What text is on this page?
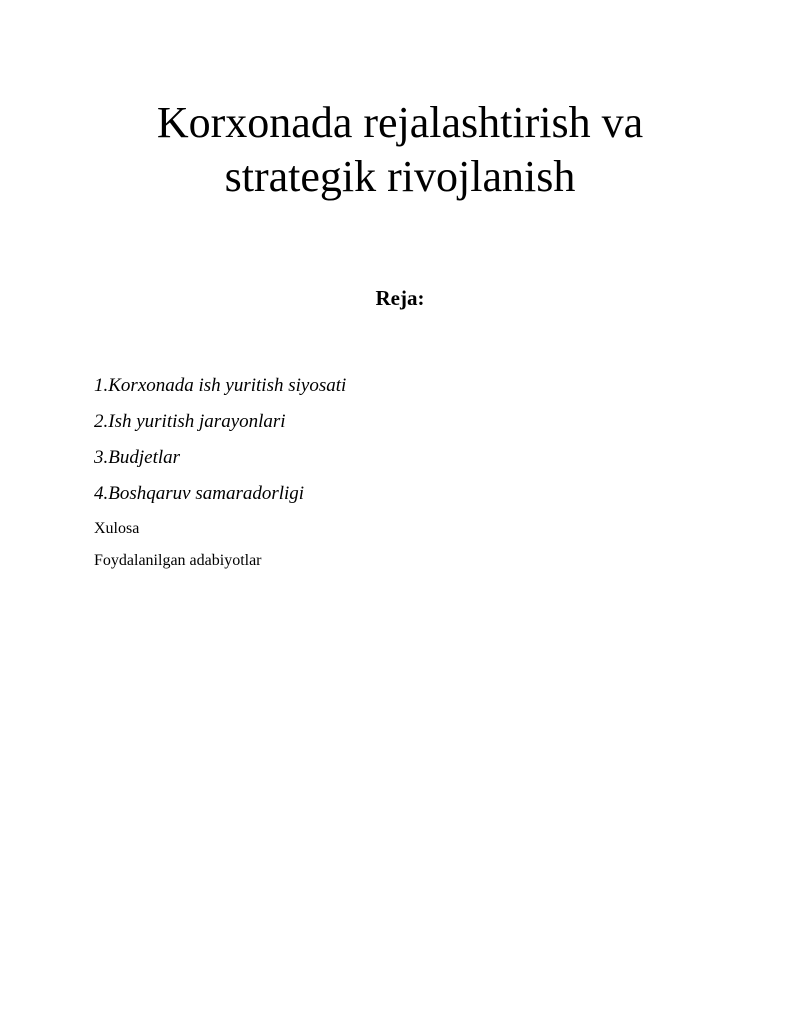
Korxonada rejalashtirish va
strategik rivojlanish
Reja:
1.Korxonada ish yuritish siyosati
2.Ish yuritish jarayonlari
3.Budjetlar
4.Boshqaruv samaradorligi

Xulosa

Foydalanilgan adabiyotlar
